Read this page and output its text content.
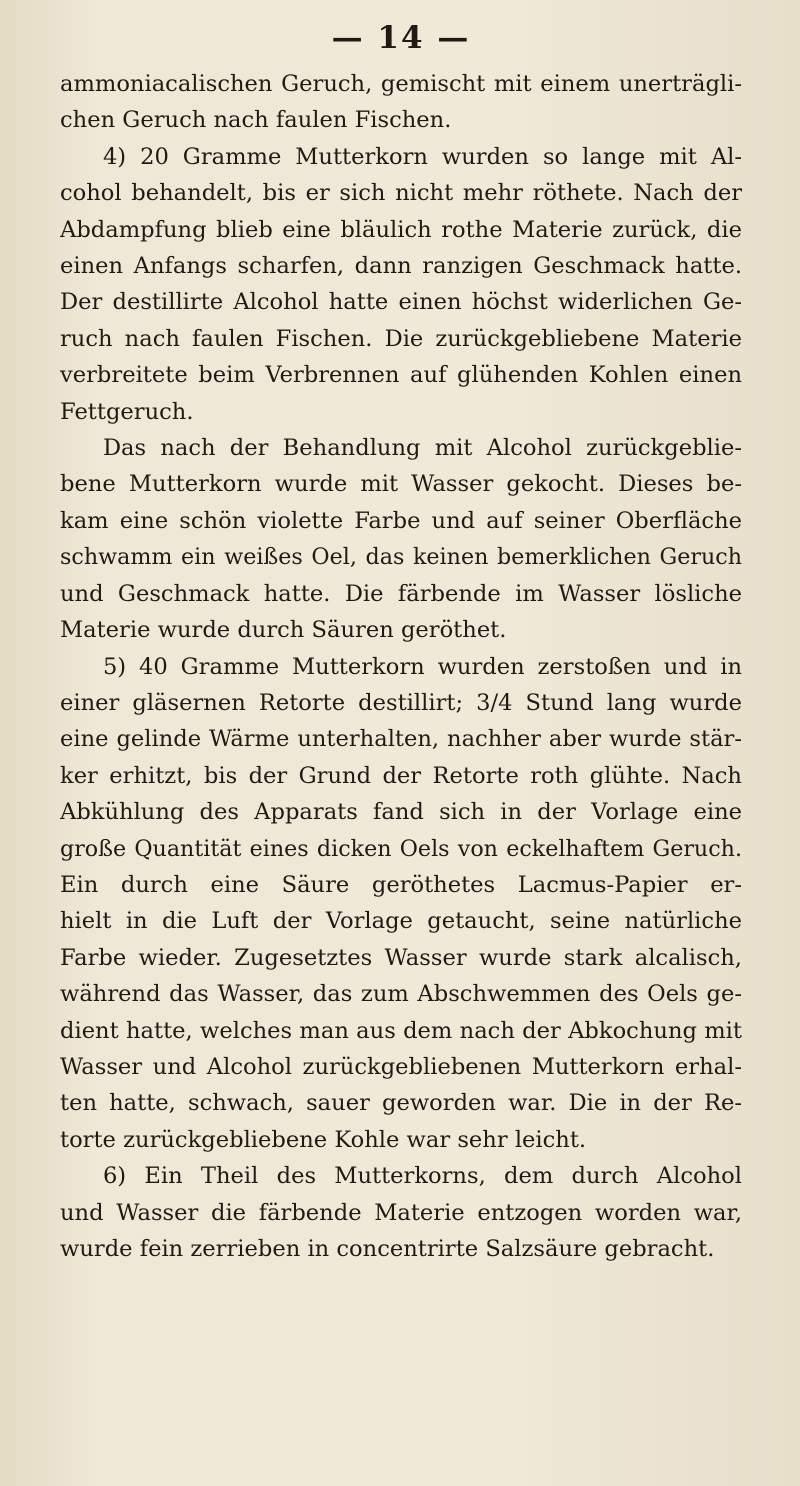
— 14 —
ammoniacalischen Geruch, gemischt mit einem unerträgli-
chen Geruch nach faulen Fischen.
4) 20 Gramme Mutterkorn wurden so lange mit Al-
cohol behandelt, bis er sich nicht mehr röthete. Nach der
Abdampfung blieb eine bläulich rothe Materie zurück, die
einen Anfangs scharfen, dann ranzigen Geschmack hatte.
Der destillirte Alcohol hatte einen höchst widerlichen Ge-
ruch nach faulen Fischen. Die zurückgebliebene Materie
verbreitete beim Verbrennen auf glühenden Kohlen einen
Fettgeruch.
Das nach der Behandlung mit Alcohol zurückgeblie-
bene Mutterkorn wurde mit Wasser gekocht. Dieses be-
kam eine schön violette Farbe und auf seiner Oberfläche
schwamm ein weißes Oel, das keinen bemerklichen Geruch
und Geschmack hatte. Die färbende im Wasser lösliche
Materie wurde durch Säuren geröthet.
5) 40 Gramme Mutterkorn wurden zerstoßen und in
einer gläsernen Retorte destillirt; 3/4 Stund lang wurde
eine gelinde Wärme unterhalten, nachher aber wurde stär-
ker erhitzt, bis der Grund der Retorte roth glühte. Nach
Abkühlung des Apparats fand sich in der Vorlage eine
große Quantität eines dicken Oels von eckelhaftem Geruch.
Ein durch eine Säure geröthetes Lacmus-Papier er-
hielt in die Luft der Vorlage getaucht, seine natürliche
Farbe wieder. Zugesetztes Wasser wurde stark alcalisch,
während das Wasser, das zum Abschwemmen des Oels ge-
dient hatte, welches man aus dem nach der Abkochung mit
Wasser und Alcohol zurückgebliebenen Mutterkorn erhal-
ten hatte, schwach, sauer geworden war. Die in der Re-
torte zurückgebliebene Kohle war sehr leicht.
6) Ein Theil des Mutterkorns, dem durch Alcohol
und Wasser die färbende Materie entzogen worden war,
wurde fein zerrieben in concentrirte Salzsäure gebracht.
